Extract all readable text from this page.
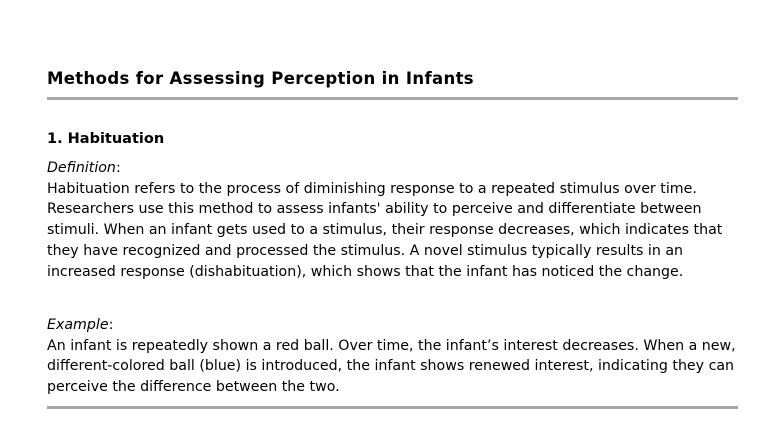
Methods for Assessing Perception in Infants
1. Habituation
Definition:

Habituation refers to the process of diminishing response to a repeated stimulus over time. Researchers use this method to assess infants' ability to perceive and differentiate between stimuli. When an infant gets used to a stimulus, their response decreases, which indicates that they have recognized and processed the stimulus. A novel stimulus typically results in an increased response (dishabituation), which shows that the infant has noticed the change.

Example:

An infant is repeatedly shown a red ball. Over time, the infant’s interest decreases. When a new, different-colored ball (blue) is introduced, the infant shows renewed interest, indicating they can perceive the difference between the two.
